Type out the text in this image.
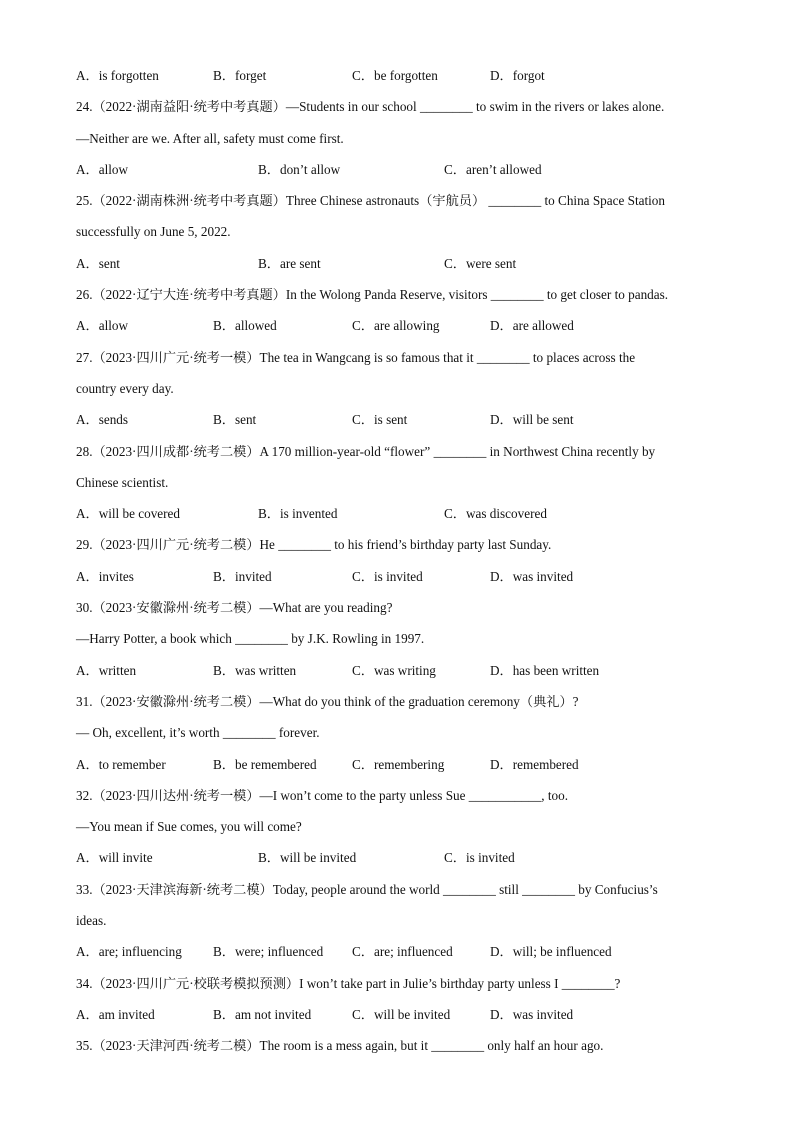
A．is forgotten	B．forget	C．be forgotten	D．forgot
24.（2022·湖南益阳·统考中考真题）—Students in our school ________ to swim in the rivers or lakes alone.
—Neither are we. After all, safety must come first.
A．allow	B．don’t allow	C．aren’t allowed
25.（2022·湖南株洲·统考中考真题）Three Chinese astronauts（宇航员） ________ to China Space Station
successfully on June 5, 2022.
A．sent	B．are sent	C．were sent
26.（2022·辽宁大连·统考中考真题）In the Wolong Panda Reserve, visitors ________ to get closer to pandas.
A．allow	B．allowed	C．are allowing	D．are allowed
27.（2023·四川广元·统考一模）The tea in Wangcang is so famous that it ________ to places across the
country every day.
A．sends	B．sent	C．is sent	D．will be sent
28.（2023·四川成都·统考二模）A 170 million-year-old “flower” ________ in Northwest China recently by
Chinese scientist.
A．will be covered	B．is invented	C．was discovered
29.（2023·四川广元·统考二模）He ________ to his friend’s birthday party last Sunday.
A．invites	B．invited	C．is invited	D．was invited
30.（2023·安徽滁州·统考二模）—What are you reading?
—Harry Potter, a book which ________ by J.K. Rowling in 1997.
A．written	B．was written	C．was writing	D．has been written
31.（2023·安徽滁州·统考二模）—What do you think of the graduation ceremony（典礼）?
— Oh, excellent, it’s worth ________ forever.
A．to remember	B．be remembered	C．remembering	D．remembered
32.（2023·四川达州·统考一模）—I won’t come to the party unless Sue ___________, too.
—You mean if Sue comes, you will come?
A．will invite	B．will be invited	C．is invited
33.（2023·天津滨海新·统考二模）Today, people around the world ________ still ________ by Confucius’s
ideas.
A．are; influencing B．were; influenced C．are; influenced	D．will; be influenced
34.（2023·四川广元·校联考模拟预测）I won’t take part in Julie’s birthday party unless I ________?
A．am invited	B．am not invited	C．will be invited	D．was invited
35.（2023·天津河西·统考二模）The room is a mess again, but it ________ only half an hour ago.
